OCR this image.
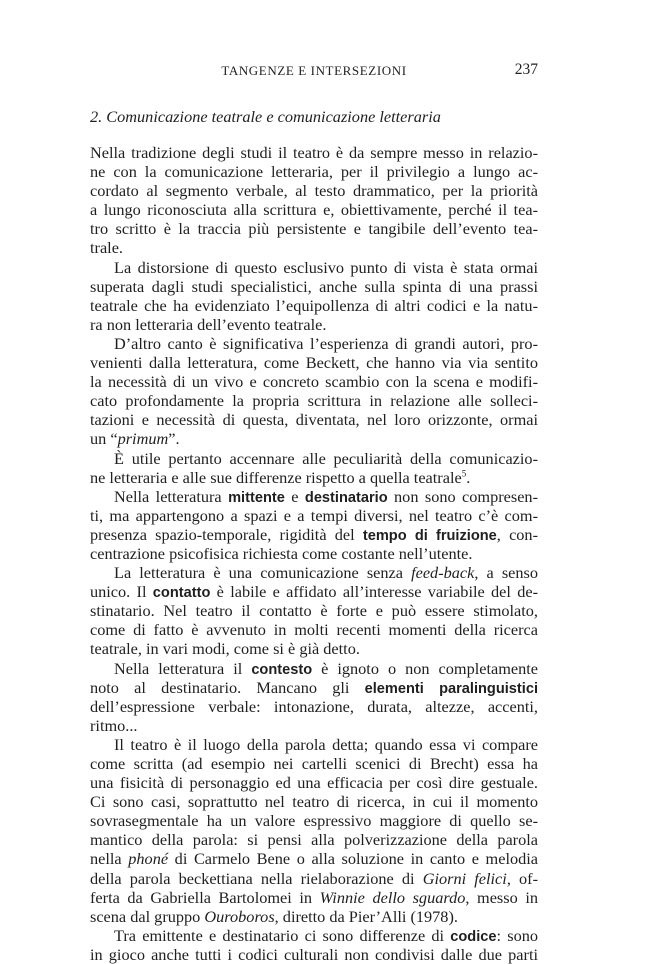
TANGENZE E INTERSEZIONI	237
2. Comunicazione teatrale e comunicazione letteraria

Nella tradizione degli studi il teatro è da sempre messo in relazio-
ne con la comunicazione letteraria, per il privilegio a lungo ac-
cordato al segmento verbale, al testo drammatico, per la priorità
a lungo riconosciuta alla scrittura e, obiettivamente, perché il tea-
tro scritto è la traccia più persistente e tangibile dell’evento tea-
trale.

La distorsione di questo esclusivo punto di vista è stata ormai
superata dagli studi specialistici, anche sulla spinta di una prassi
teatrale che ha evidenziato l’equipollenza di altri codici e la natu-
ra non letteraria dell’evento teatrale.

D’altro canto è significativa l’esperienza di grandi autori, pro-
venienti dalla letteratura, come Beckett, che hanno via via sentito
la necessità di un vivo e concreto scambio con la scena e modifi-
cato profondamente la propria scrittura in relazione alle solleci-
tazioni e necessità di questa, diventata, nel loro orizzonte, ormai
un “primum”.

È utile pertanto accennare alle peculiarità della comunicazio-
ne letteraria e alle sue differenze rispetto a quella teatrale$^5$.

Nella letteratura mittente e destinatario non sono compresen-
ti, ma appartengono a spazi e a tempi diversi, nel teatro c’è com-
presenza spazio-temporale, rigidità del tempo di fruizione, con-
centrazione psicofisica richiesta come costante nell’utente.

La letteratura è una comunicazione senza feed-back, a senso
unico. Il contatto è labile e affidato all’interesse variabile del de-
stinatario. Nel teatro il contatto è forte e può essere stimolato,
come di fatto è avvenuto in molti recenti momenti della ricerca
teatrale, in vari modi, come si è già detto.

Nella letteratura il contesto è ignoto o non completamente
noto al destinatario. Mancano gli elementi paralinguistici
dell’espressione verbale: intonazione, durata, altezze, accenti,
ritmo...

Il teatro è il luogo della parola detta; quando essa vi compare
come scritta (ad esempio nei cartelli scenici di Brecht) essa ha
una fisicità di personaggio ed una efficacia per così dire gestuale.
Ci sono casi, soprattutto nel teatro di ricerca, in cui il momento
sovrasegmentale ha un valore espressivo maggiore di quello se-
mantico della parola: si pensi alla polverizzazione della parola
nella phoné di Carmelo Bene o alla soluzione in canto e melodia
della parola beckettiana nella rielaborazione di Giorni felici, of-
ferta da Gabriella Bartolomei in Winnie dello sguardo, messo in
scena dal gruppo Ouroboros, diretto da Pier’Alli (1978).

Tra emittente e destinatario ci sono differenze di codice: sono
in gioco anche tutti i codici culturali non condivisi dalle due parti
